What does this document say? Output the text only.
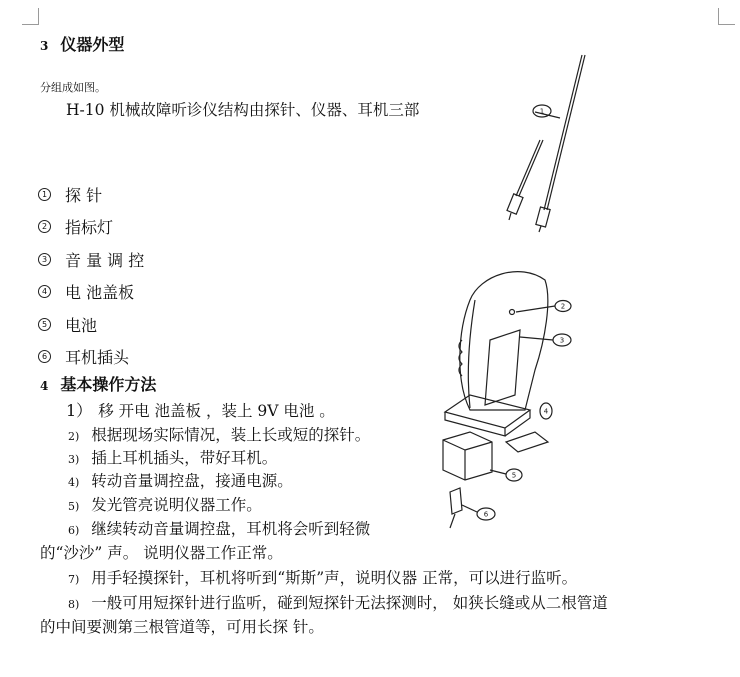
3 仪器外型
分组成如图。
H-10 机械故障听诊仪结构由探针、仪器、耳机三部
1 探 针
2 指标灯
3 音 量 调 控
4 电 池盖板
5 电池
6 耳机插头
4 基本操作方法
1） 移 开电 池盖板 ，装上 9V 电池 。
2) 根据现场实际情况，装上长或短的探针。
3) 插上耳机插头，带好耳机。
4) 转动音量调控盘，接通电源。
5) 发光管亮说明仪器工作。
6) 继续转动音量调控盘，耳机将会听到轻微
的“沙沙” 声。 说明仪器工作正常。
7) 用手轻摸探针，耳机将听到“斯斯”声，说明仪器 正常，可以进行监听。
8) 一般可用短探针进行监听，碰到短探针无法探测时， 如狭长缝或从二根管道
的中间要测第三根管道等，可用长探 针。
1
2
3
4
5
6
